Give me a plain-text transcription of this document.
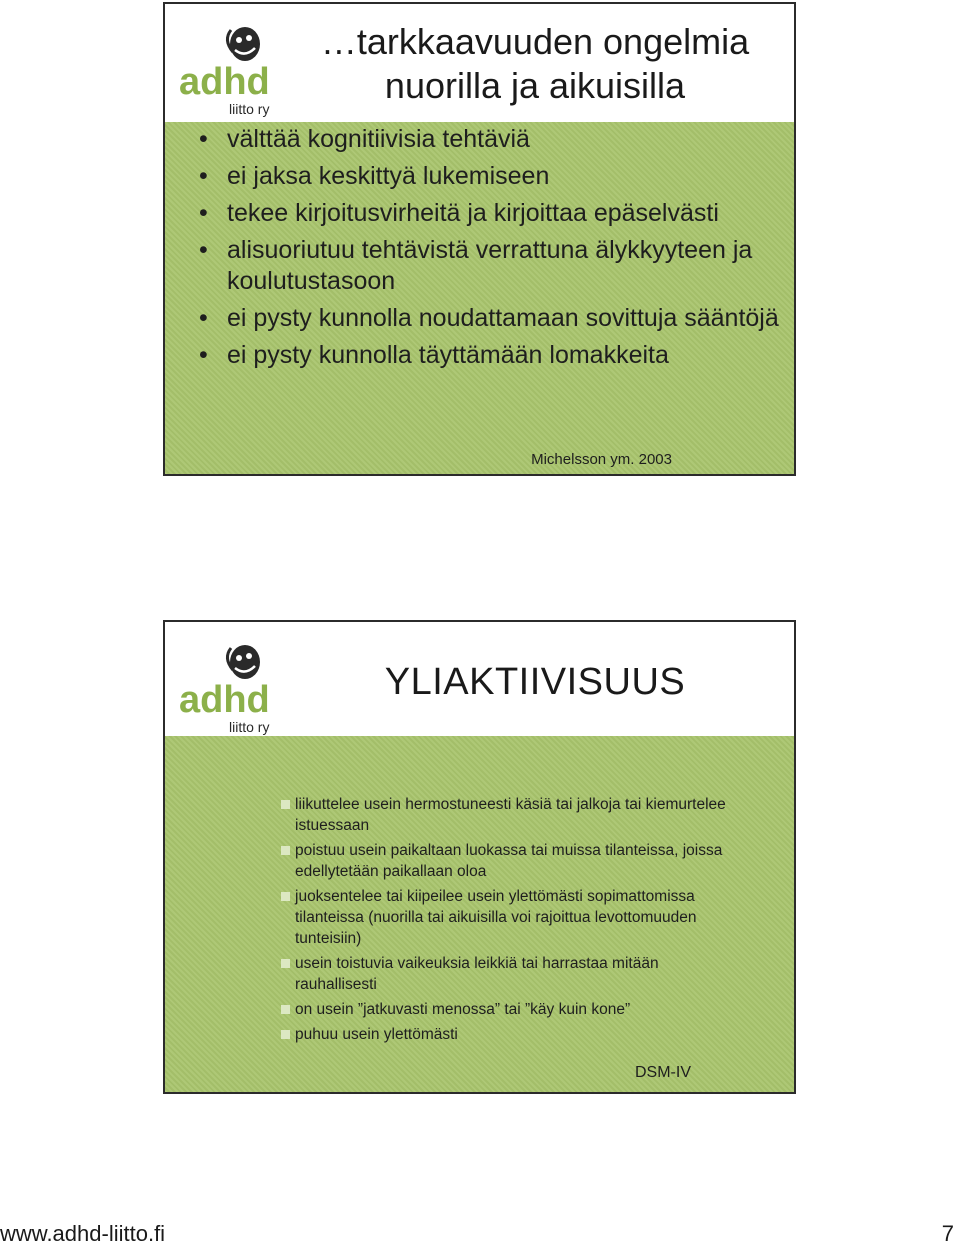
adhd
liitto ry
…tarkkaavuuden ongelmia
nuorilla ja aikuisilla
• välttää kognitiivisia tehtäviä
• ei jaksa keskittyä lukemiseen
• tekee kirjoitusvirheitä ja kirjoittaa epäselvästi
• alisuoriutuu tehtävistä verrattuna älykkyyteen ja koulutustasoon
• ei pysty kunnolla noudattamaan sovittuja sääntöjä
• ei pysty kunnolla täyttämään lomakkeita
Michelsson ym. 2003
adhd
liitto ry
YLIAKTIIVISUUS
liikuttelee usein hermostuneesti käsiä tai jalkoja tai kiemurtelee istuessaan
poistuu usein paikaltaan luokassa tai muissa tilanteissa, joissa edellytetään paikallaan oloa
juoksentelee tai kiipeilee usein ylettömästi sopimattomissa tilanteissa (nuorilla tai aikuisilla voi rajoittua levottomuuden tunteisiin)
usein toistuvia vaikeuksia leikkiä tai harrastaa mitään rauhallisesti
on usein ”jatkuvasti menossa” tai ”käy kuin kone”
puhuu usein ylettömästi
DSM-IV
www.adhd-liitto.fi	7
